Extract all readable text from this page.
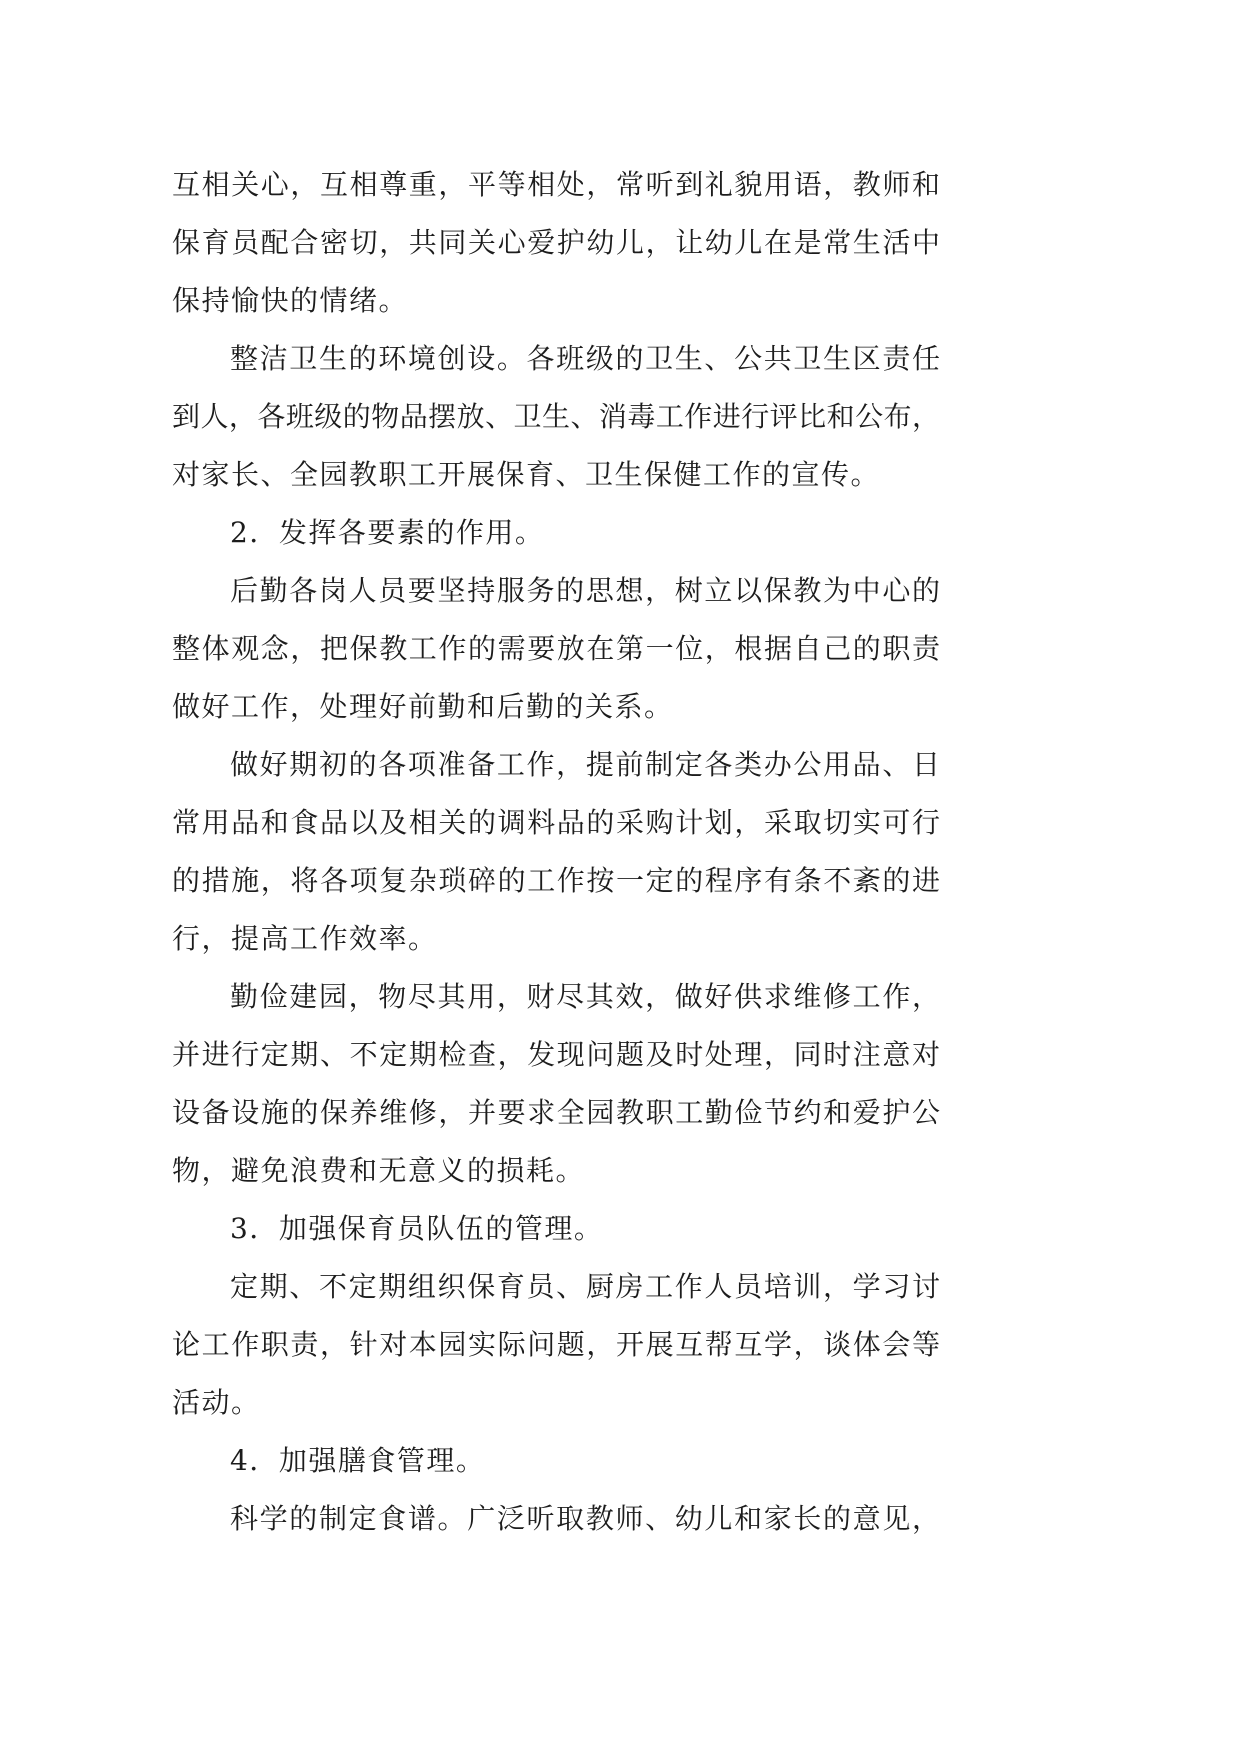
互相关心，互相尊重，平等相处，常听到礼貌用语，教师和
保育员配合密切，共同关心爱护幼儿，让幼儿在是常生活中
保持愉快的情绪。
整洁卫生的环境创设。各班级的卫生、公共卫生区责任
到人，各班级的物品摆放、卫生、消毒工作进行评比和公布，
对家长、全园教职工开展保育、卫生保健工作的宣传。
2．发挥各要素的作用。
后勤各岗人员要坚持服务的思想，树立以保教为中心的
整体观念，把保教工作的需要放在第一位，根据自己的职责
做好工作，处理好前勤和后勤的关系。
做好期初的各项准备工作，提前制定各类办公用品、日
常用品和食品以及相关的调料品的采购计划，采取切实可行
的措施，将各项复杂琐碎的工作按一定的程序有条不紊的进
行，提高工作效率。
勤俭建园，物尽其用，财尽其效，做好供求维修工作，
并进行定期、不定期检查，发现问题及时处理，同时注意对
设备设施的保养维修，并要求全园教职工勤俭节约和爱护公
物，避免浪费和无意义的损耗。
3．加强保育员队伍的管理。
定期、不定期组织保育员、厨房工作人员培训，学习讨
论工作职责，针对本园实际问题，开展互帮互学，谈体会等
活动。
4．加强膳食管理。
科学的制定食谱。广泛听取教师、幼儿和家长的意见，
